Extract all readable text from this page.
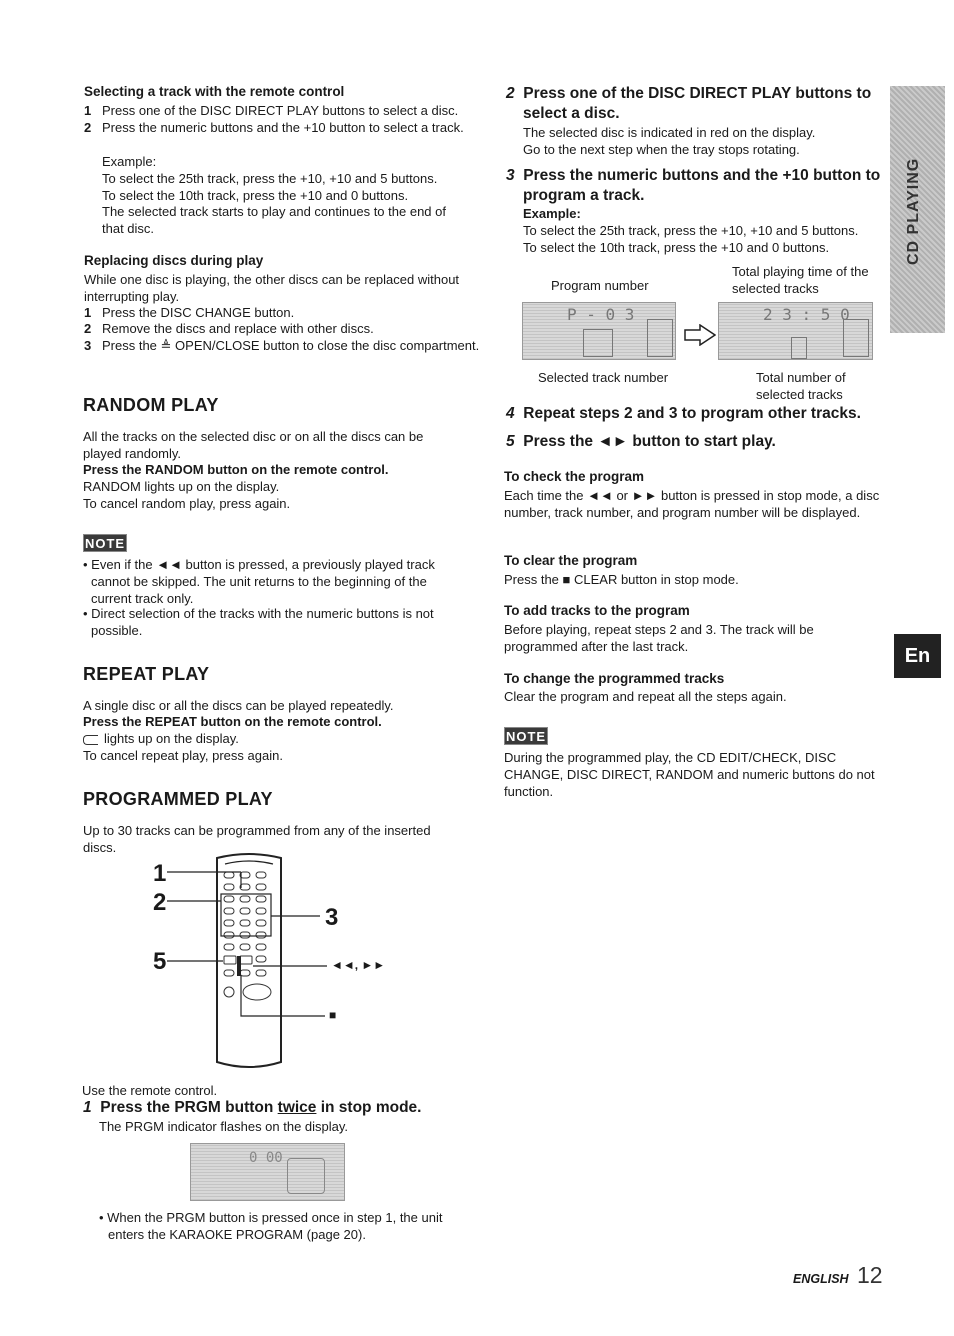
Selecting a track with the remote control
1 Press one of the DISC DIRECT PLAY buttons to select a disc.
2 Press the numeric buttons and the +10 button to select a track.
Example:
To select the 25th track, press the +10, +10 and 5 buttons.
To select the 10th track, press the +10 and 0 buttons.
The selected track starts to play and continues to the end of that disc.
Replacing discs during play
While one disc is playing, the other discs can be replaced without interrupting play.
1 Press the DISC CHANGE button.
2 Remove the discs and replace with other discs.
3 Press the ≜ OPEN/CLOSE button to close the disc compartment.
RANDOM PLAY
All the tracks on the selected disc or on all the discs can be played randomly.
Press the RANDOM button on the remote control.
RANDOM lights up on the display.
To cancel random play, press again.
NOTE
• Even if the ◄◄ button is pressed, a previously played track cannot be skipped. The unit returns to the beginning of the current track only.
• Direct selection of the tracks with the numeric buttons is not possible.
REPEAT PLAY
A single disc or all the discs can be played repeatedly.
Press the REPEAT button on the remote control.
lights up on the display.
To cancel repeat play, press again.
PROGRAMMED PLAY
Up to 30 tracks can be programmed from any of the inserted discs.
1
2
5
3
◄◄, ►►
■
Use the remote control.
1 Press the PRGM button twice in stop mode.
The PRGM indicator flashes on the display.
0 00
• When the PRGM button is pressed once in step 1, the unit enters the KARAOKE PROGRAM (page 20).
2 Press one of the DISC DIRECT PLAY buttons to select a disc.
The selected disc is indicated in red on the display.
Go to the next step when the tray stops rotating.
3 Press the numeric buttons and the +10 button to program a track.
Example:
To select the 25th track, press the +10, +10 and 5 buttons.
To select the 10th track, press the +10 and 0 buttons.
Program number
Total playing time of the selected tracks
P - 0 3	2 3 : 5 0
Selected track number	Total number of selected tracks
4 Repeat steps 2 and 3 to program other tracks.
5 Press the ◄► button to start play.
To check the program
Each time the ◄◄ or ►► button is pressed in stop mode, a disc number, track number, and program number will be displayed.
To clear the program
Press the ■ CLEAR button in stop mode.
To add tracks to the program
Before playing, repeat steps 2 and 3. The track will be programmed after the last track.
To change the programmed tracks
Clear the program and repeat all the steps again.
NOTE
During the programmed play, the CD EDIT/CHECK, DISC CHANGE, DISC DIRECT, RANDOM and numeric buttons do not function.
CD PLAYING
En
ENGLISH 12
